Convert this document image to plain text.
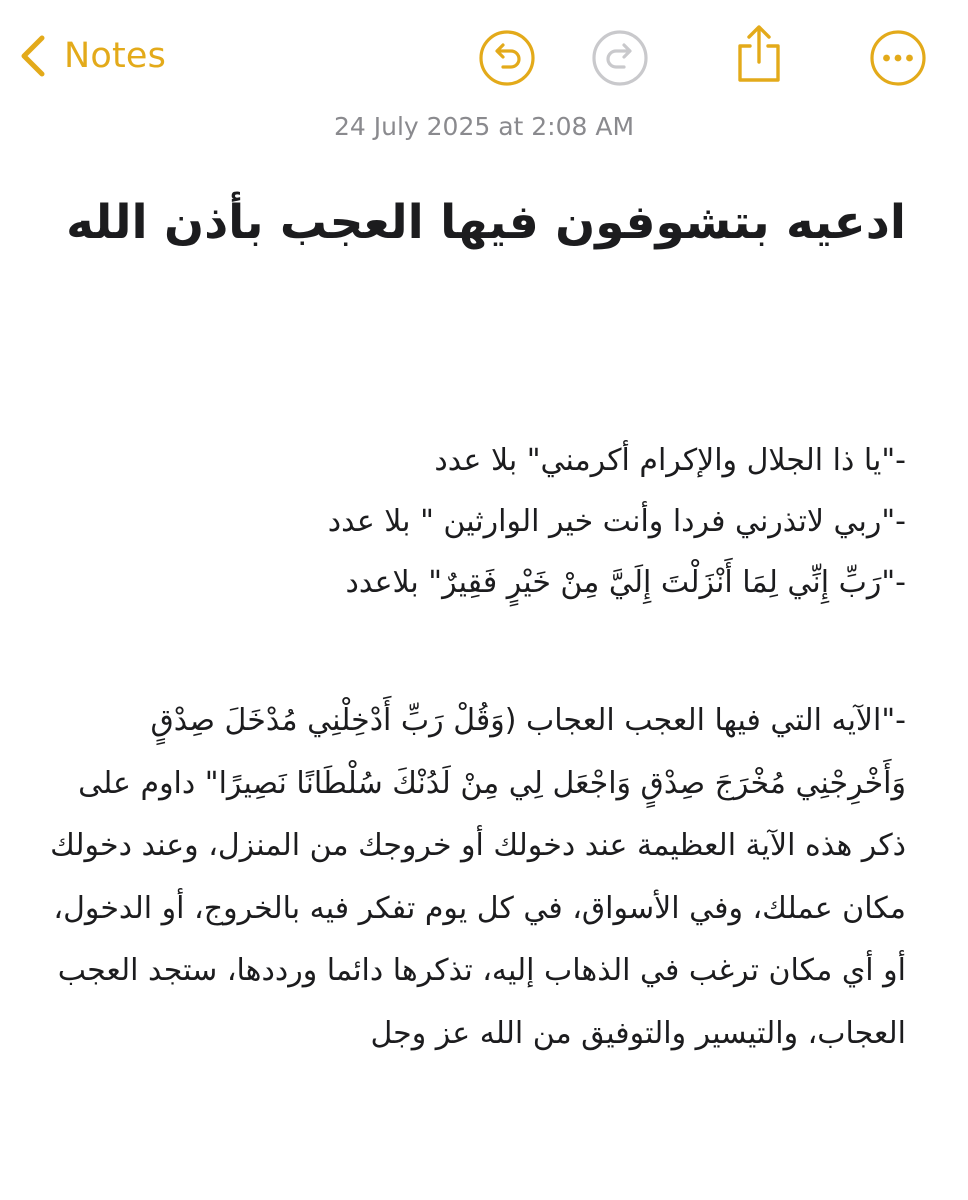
Notes
24 July 2025 at 2:08 AM
ادعيه بتشوفون فيها العجب بأذن الله

-"يا ذا الجلال والإكرام أكرمني" بلا عدد

-"ربي لاتذرني فردا وأنت خير الوارثين " بلا عدد

-"رَبِّ إِنِّي لِمَا أَنْزَلْتَ إِلَيَّ مِنْ خَيْرٍ فَقِيرٌ" بلاعدد

-"الآيه التي فيها العجب العجاب (وَقُلْ رَبِّ أَدْخِلْنِي مُدْخَلَ صِدْقٍ وَأَخْرِجْنِي مُخْرَجَ صِدْقٍ وَاجْعَل لِي مِنْ لَدُنْكَ سُلْطَانًا نَصِيرًا" داوم على ذكر هذه الآية العظيمة عند دخولك أو خروجك من المنزل، وعند دخولك مكان عملك، وفي الأسواق، في كل يوم تفكر فيه بالخروج، أو الدخول، أو أي مكان ترغب في الذهاب إليه، تذكرها دائما ورددها، ستجد العجب العجاب، والتيسير والتوفيق من الله عز وجل
